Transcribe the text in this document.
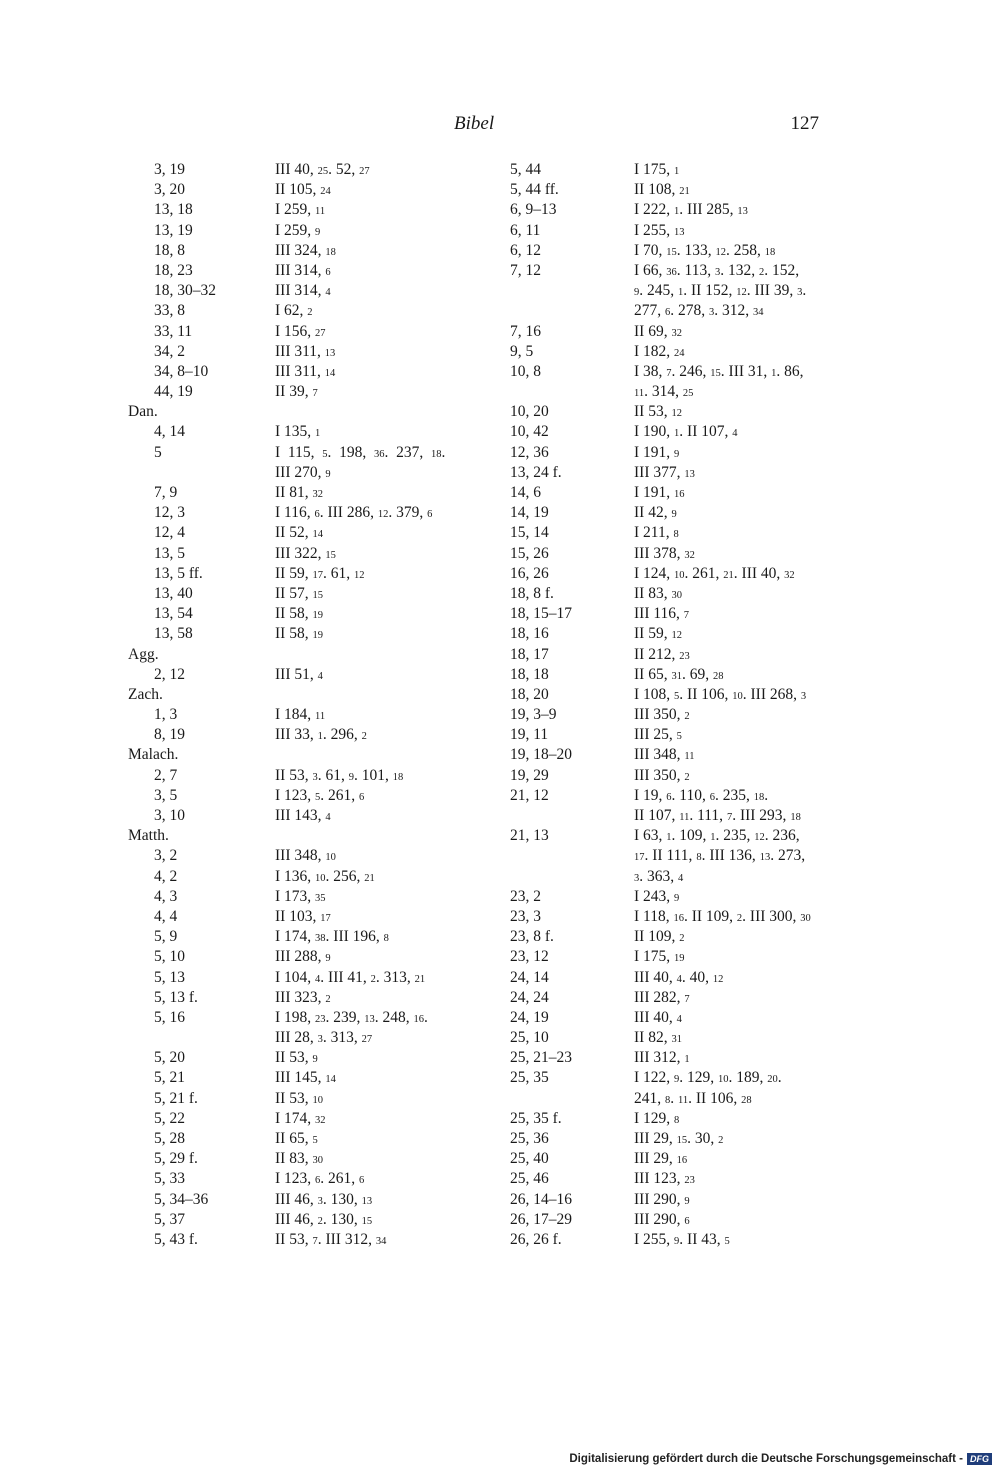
Bibel	127
3, 19	III 40, 25. 52, 27
3, 20	II 105, 24
13, 18	I 259, 11
13, 19	I 259, 9
18, 8	III 324, 18
18, 23	III 314, 6
18, 30–32	III 314, 4
33, 8	I 62, 2
33, 11	I 156, 27
34, 2	III 311, 13
34, 8–10	III 311, 14
44, 19	II 39, 7
Dan.
4, 14	I 135, 1
5	I  115,  5.  198,  36.  237,  18.
III 270, 9
7, 9	II 81, 32
12, 3	I 116, 6. III 286, 12. 379, 6
12, 4	II 52, 14
13, 5	III 322, 15
13, 5 ff.	II 59, 17. 61, 12
13, 40	II 57, 15
13, 54	II 58, 19
13, 58	II 58, 19
Agg.
2, 12	III 51, 4
Zach.
1, 3	I 184, 11
8, 19	III 33, 1. 296, 2
Malach.
2, 7	II 53, 3. 61, 9. 101, 18
3, 5	I 123, 5. 261, 6
3, 10	III 143, 4
Matth.
3, 2	III 348, 10
4, 2	I 136, 10. 256, 21
4, 3	I 173, 35
4, 4	II 103, 17
5, 9	I 174, 38. III 196, 8
5, 10	III 288, 9
5, 13	I 104, 4. III 41, 2. 313, 21
5, 13 f.	III 323, 2
5, 16	I 198, 23. 239, 13. 248, 16.
III 28, 3. 313, 27
5, 20	II 53, 9
5, 21	III 145, 14
5, 21 f.	II 53, 10
5, 22	I 174, 32
5, 28	II 65, 5
5, 29 f.	II 83, 30
5, 33	I 123, 6. 261, 6
5, 34–36	III 46, 3. 130, 13
5, 37	III 46, 2. 130, 15
5, 43 f.	II 53, 7. III 312, 34
5, 44	I 175, 1
5, 44 ff.	II 108, 21
6, 9–13	I 222, 1. III 285, 13
6, 11	I 255, 13
6, 12	I 70, 15. 133, 12. 258, 18
7, 12	I 66, 36. 113, 3. 132, 2. 152,
9. 245, 1. II 152, 12. III 39, 3.
277, 6. 278, 3. 312, 34
7, 16	II 69, 32
9, 5	I 182, 24
10, 8	I 38, 7. 246, 15. III 31, 1. 86,
11. 314, 25
10, 20	II 53, 12
10, 42	I 190, 1. II 107, 4
12, 36	I 191, 9
13, 24 f.	III 377, 13
14, 6	I 191, 16
14, 19	II 42, 9
15, 14	I 211, 8
15, 26	III 378, 32
16, 26	I 124, 10. 261, 21. III 40, 32
18, 8 f.	II 83, 30
18, 15–17	III 116, 7
18, 16	II 59, 12
18, 17	II 212, 23
18, 18	II 65, 31. 69, 28
18, 20	I 108, 5. II 106, 10. III 268, 3
19, 3–9	III 350, 2
19, 11	III 25, 5
19, 18–20	III 348, 11
19, 29	III 350, 2
21, 12	I 19, 6. 110, 6. 235, 18.
II 107, 11. 111, 7. III 293, 18
21, 13	I 63, 1. 109, 1. 235, 12. 236,
17. II 111, 8. III 136, 13. 273,
3. 363, 4
23, 2	I 243, 9
23, 3	I 118, 16. II 109, 2. III 300, 30
23, 8 f.	II 109, 2
23, 12	I 175, 19
24, 14	III 40, 4. 40, 12
24, 24	III 282, 7
24, 19	III 40, 4
25, 10	II 82, 31
25, 21–23	III 312, 1
25, 35	I 122, 9. 129, 10. 189, 20.
241, 8. 11. II 106, 28
25, 35 f.	I 129, 8
25, 36	III 29, 15. 30, 2
25, 40	III 29, 16
25, 46	III 123, 23
26, 14–16	III 290, 9
26, 17–29	III 290, 6
26, 26 f.	I 255, 9. II 43, 5
Digitalisierung gefördert durch die Deutsche Forschungsgemeinschaft - DFG
